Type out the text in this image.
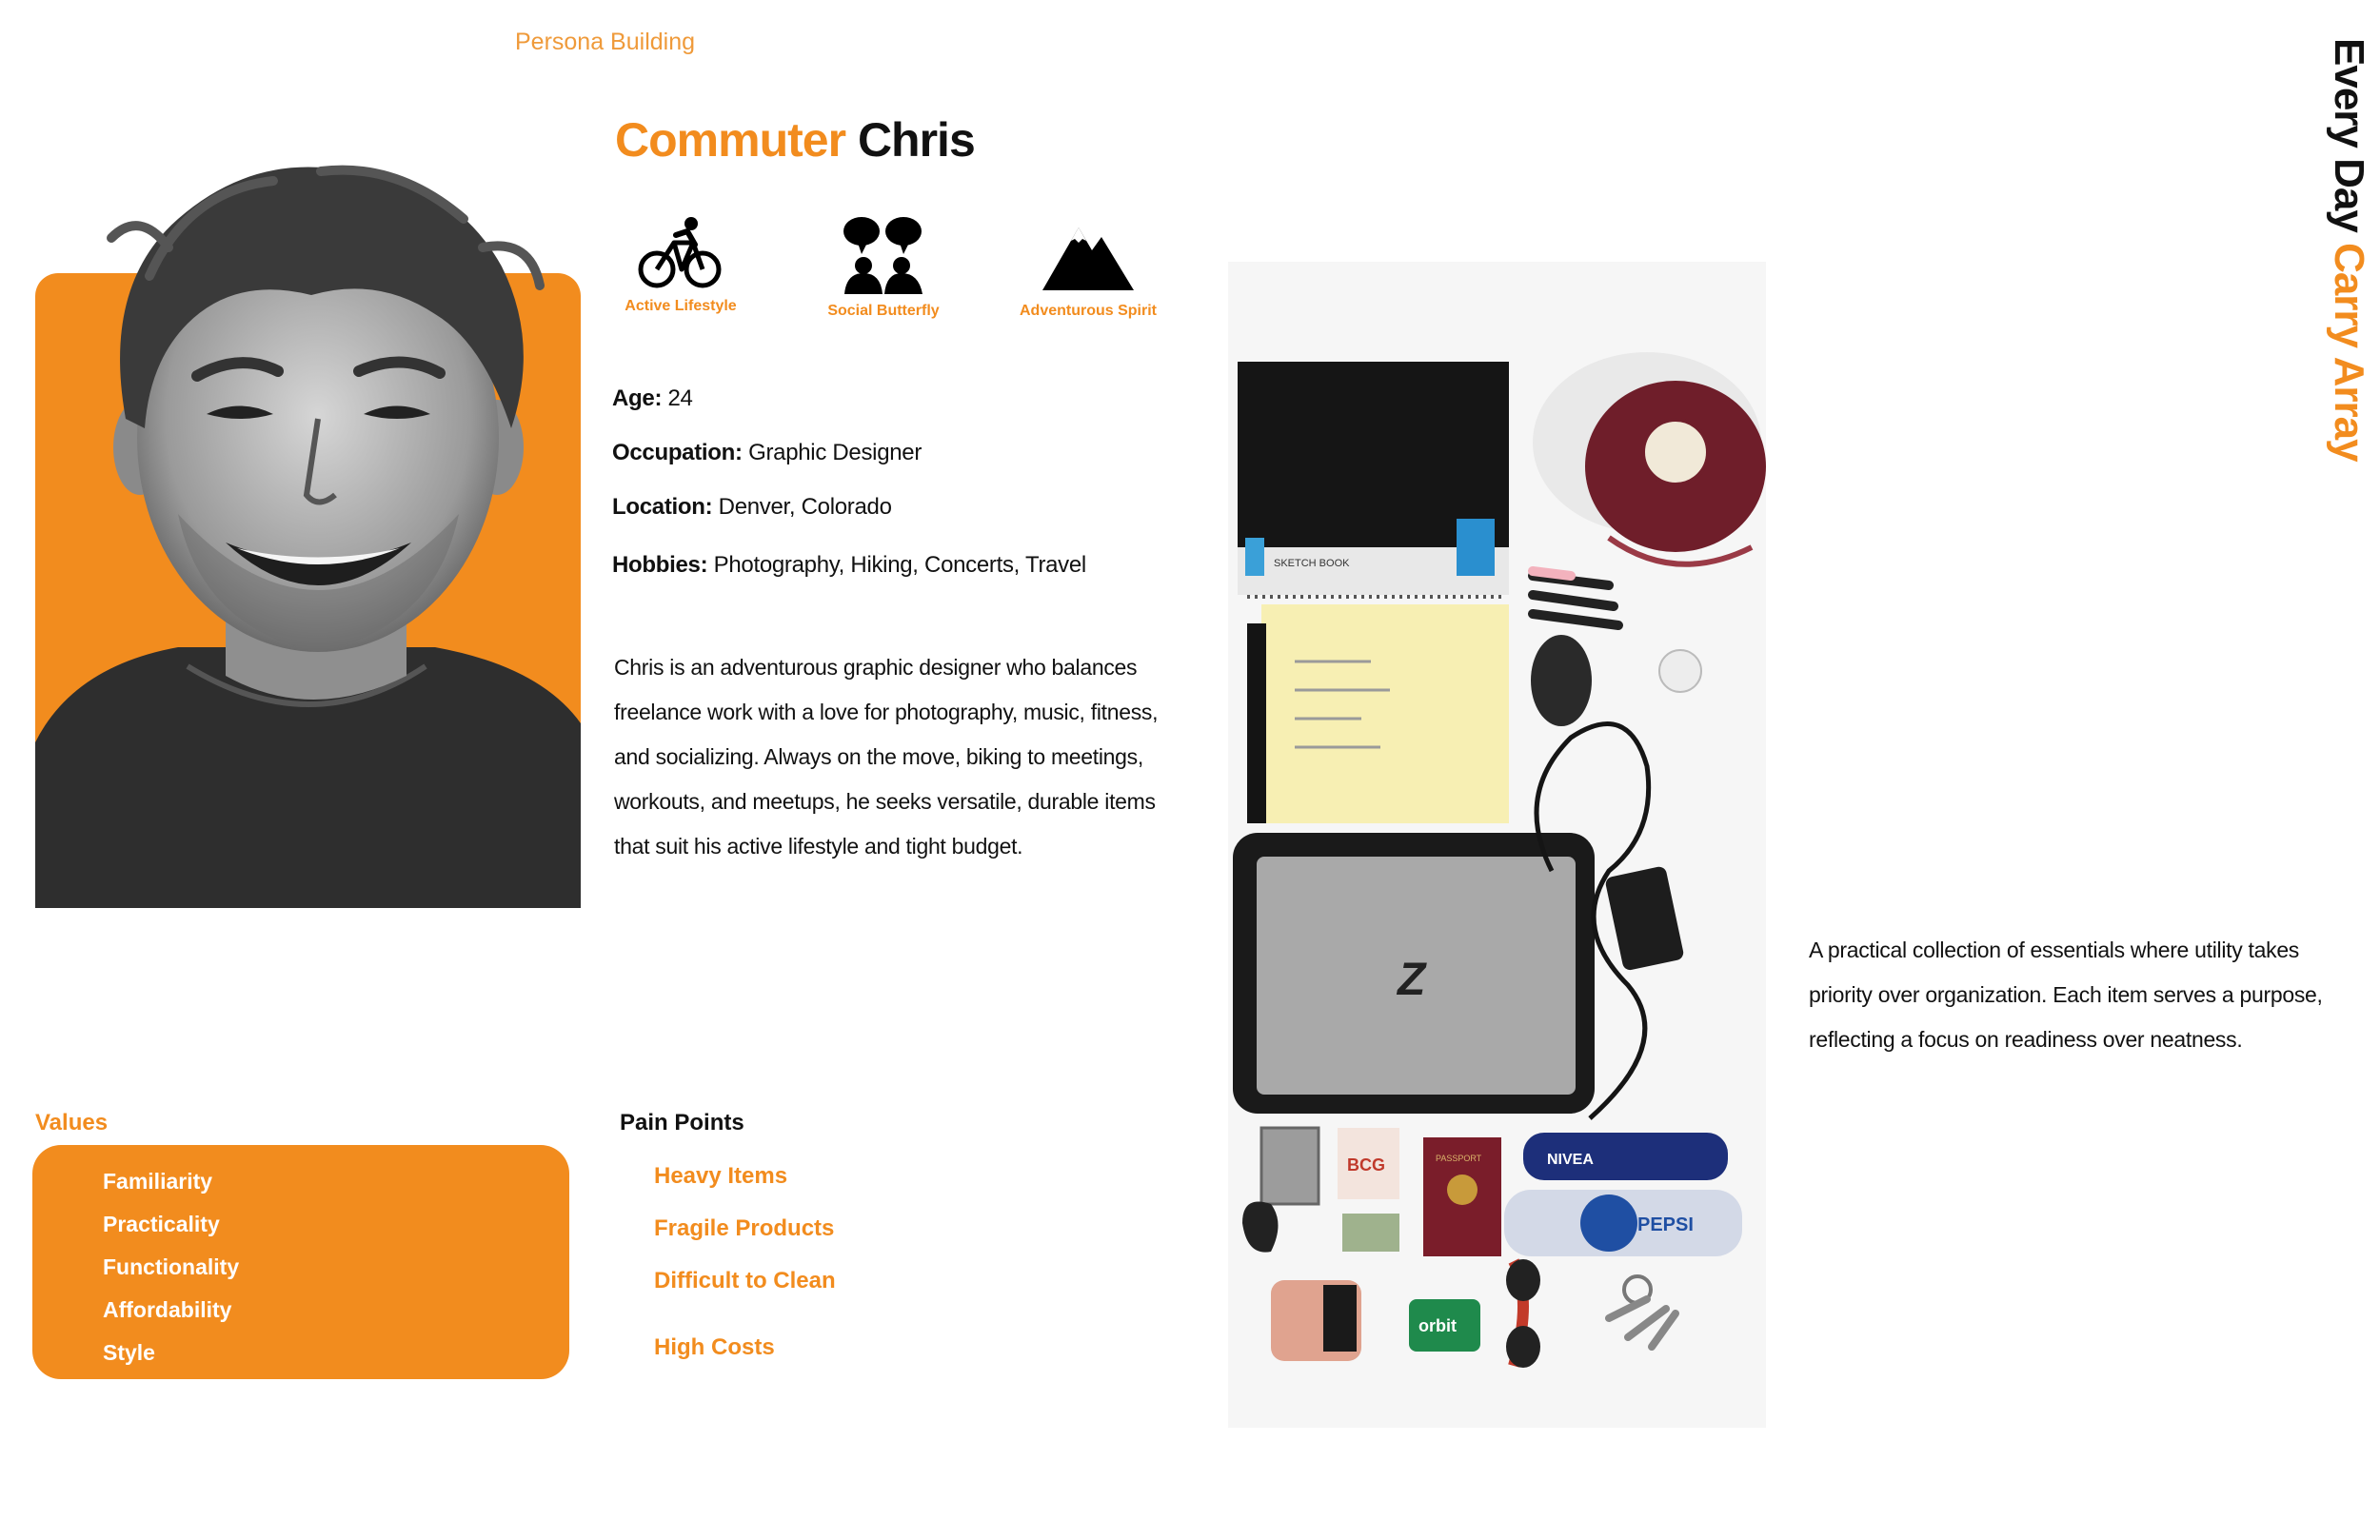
Persona Building
Commuter Chris
Active Lifestyle	Social Butterfly	Adventurous Spirit
Age: 24
Occupation: Graphic Designer
Location: Denver, Colorado
Hobbies: Photography, Hiking, Concerts, Travel
Chris is an adventurous graphic designer who balances freelance work with a love for photography, music, fitness, and socializing. Always on the move, biking to meetings, workouts, and meetups, he seeks versatile, durable items that suit his active lifestyle and tight budget.
Values
Familiarity
Practicality
Functionality
Affordability
Style
Pain Points
Heavy Items
Fragile Products
Difficult to Clean
High Costs
SKETCH BOOK
Z
BCG	PASSPORT	NIVEA
PEPSI
orbit
Every Day Carry Array
A practical collection of essentials where utility takes priority over organization. Each item serves a purpose, reflecting a focus on readiness over neatness.
